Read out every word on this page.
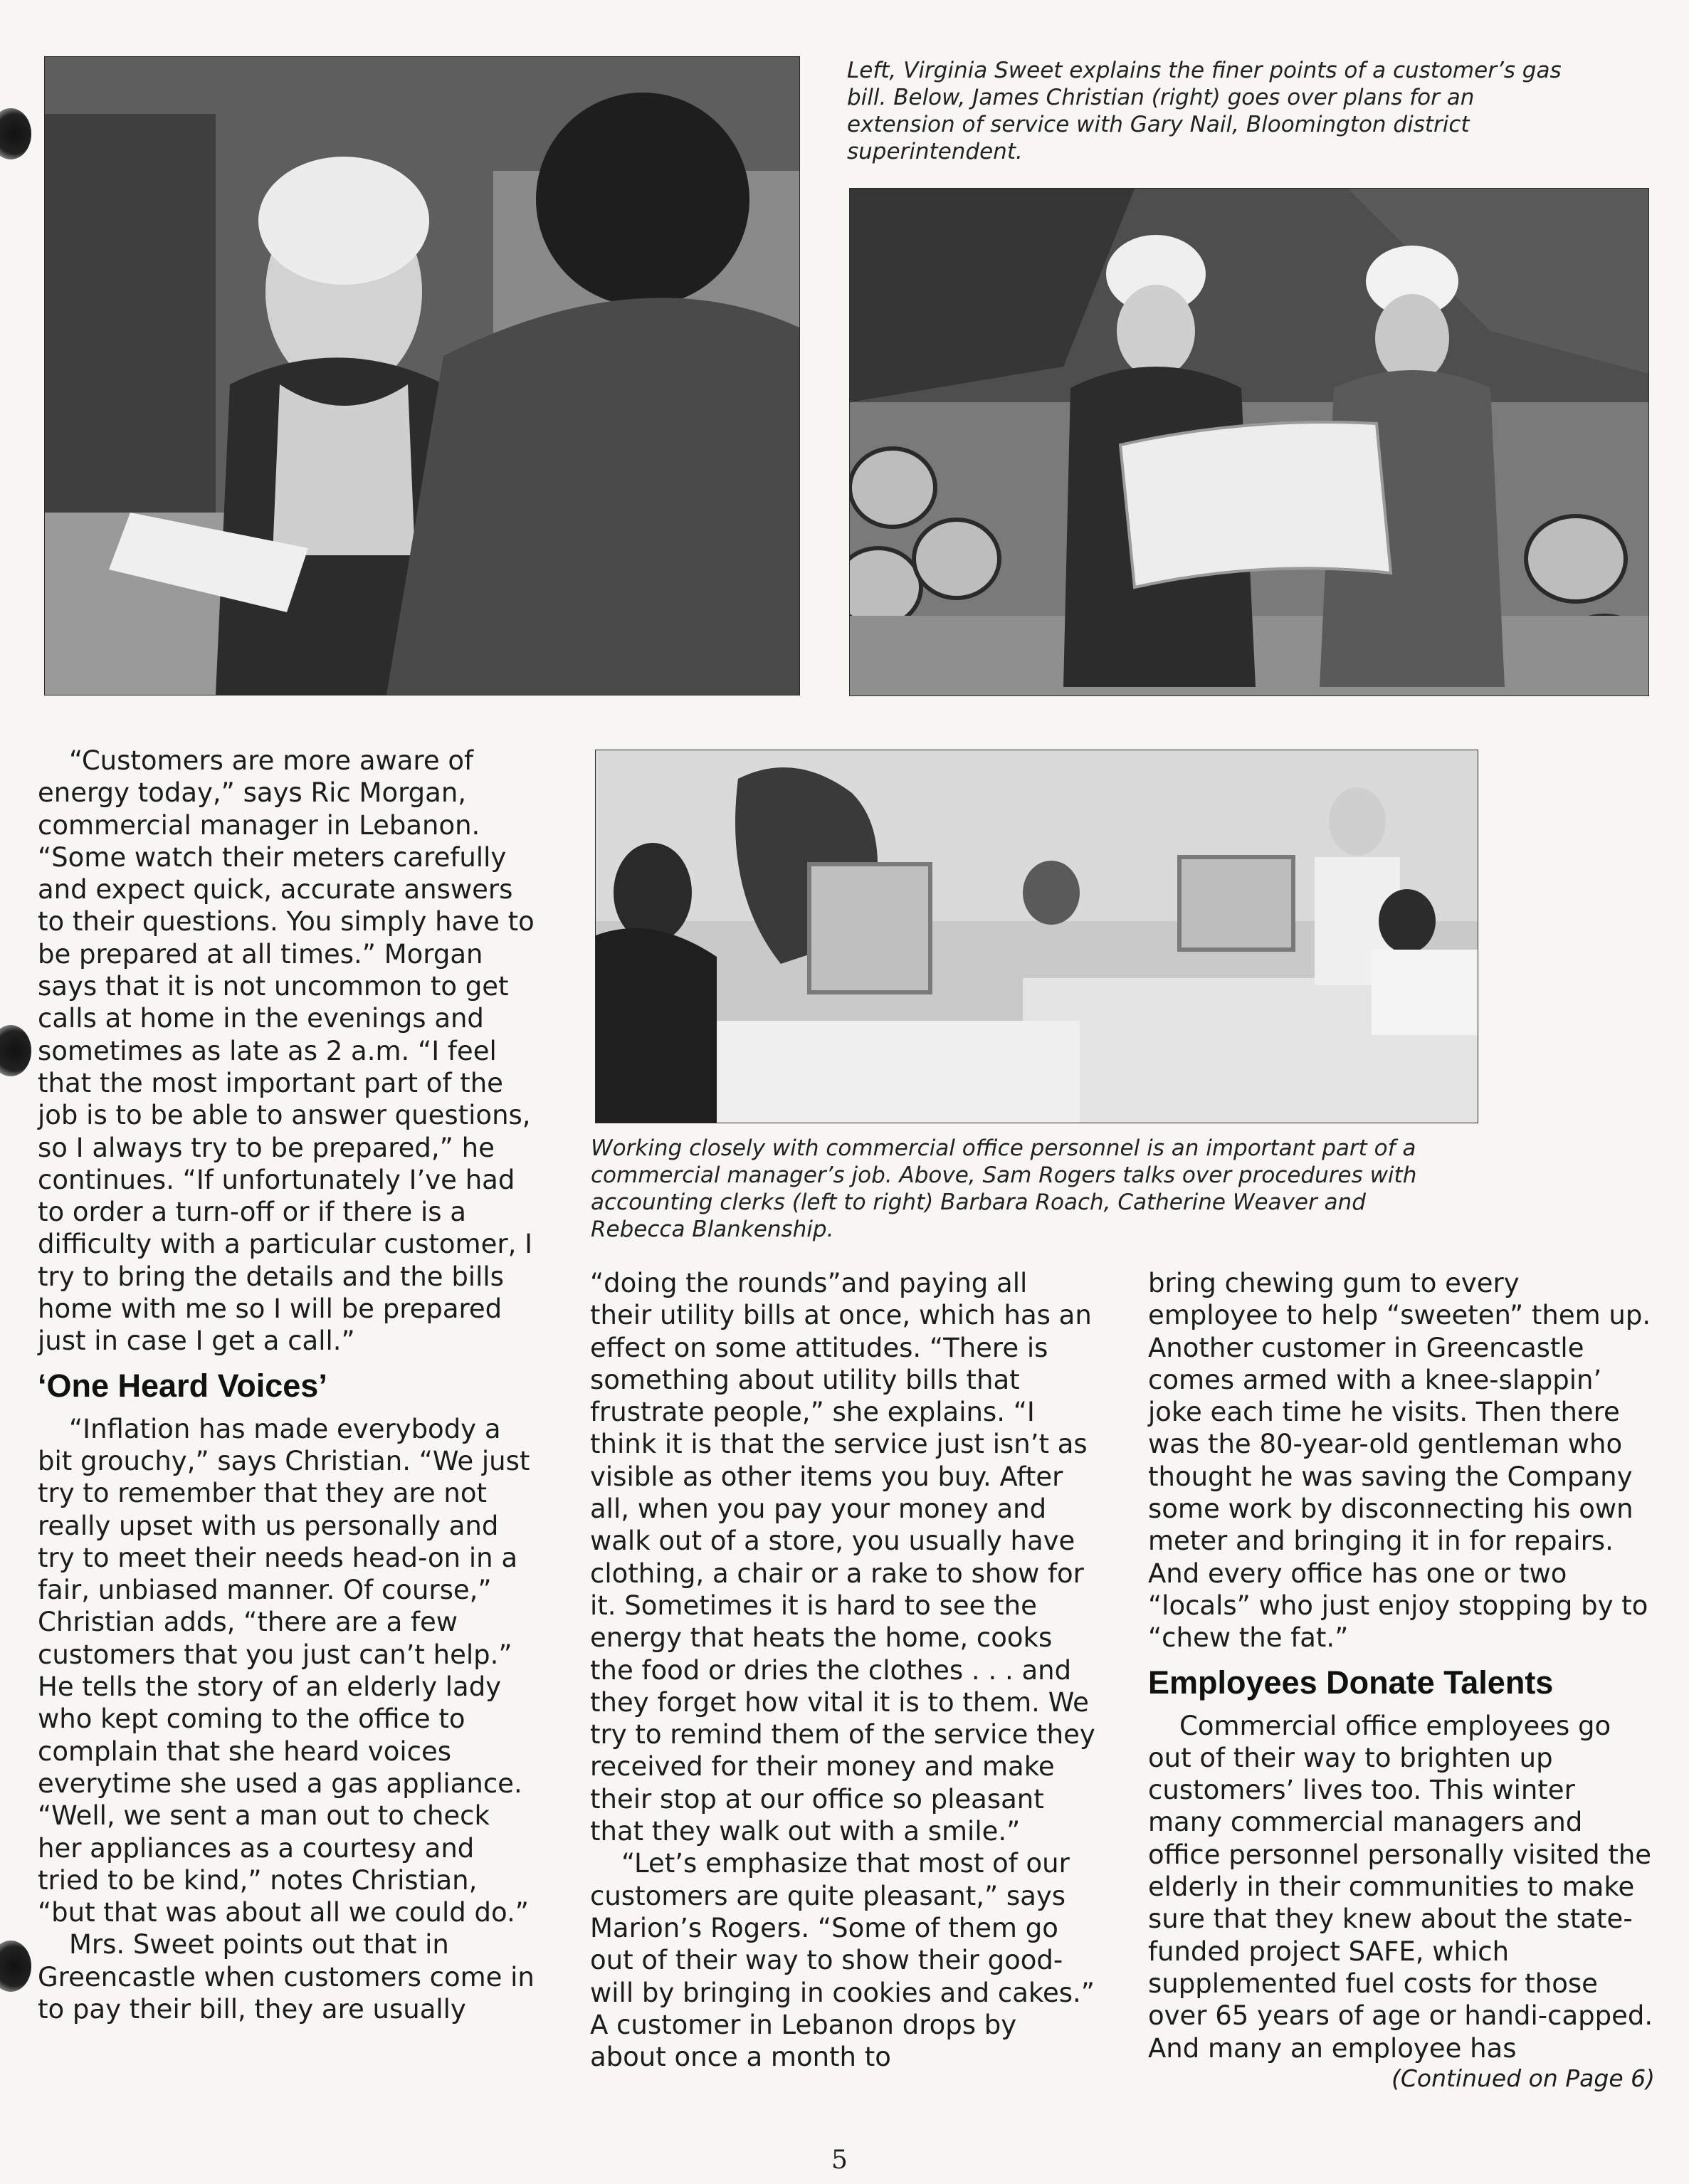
Left, Virginia Sweet explains the finer points of a customer’s gas bill. Below, James Christian (right) goes over plans for an extension of service with Gary Nail, Bloomington district superintendent.

Working closely with commercial office personnel is an important part of a commercial manager’s job. Above, Sam Rogers talks over procedures with accounting clerks (left to right) Barbara Roach, Catherine Weaver and Rebecca Blankenship.

“Customers are more aware of energy today,” says Ric Morgan, commercial manager in Lebanon. “Some watch their meters carefully and expect quick, accurate answers to their questions. You simply have to be prepared at all times.” Morgan says that it is not uncommon to get calls at home in the evenings and sometimes as late as 2 a.m. “I feel that the most important part of the job is to be able to answer questions, so I always try to be prepared,” he continues. “If unfortunately I’ve had to order a turn-off or if there is a difficulty with a particular customer, I try to bring the details and the bills home with me so I will be prepared just in case I get a call.”

‘One Heard Voices’

“Inflation has made everybody a bit grouchy,” says Christian. “We just try to remember that they are not really upset with us personally and try to meet their needs head-on in a fair, unbiased manner. Of course,” Christian adds, “there are a few customers that you just can’t help.” He tells the story of an elderly lady who kept coming to the office to complain that she heard voices everytime she used a gas appliance. “Well, we sent a man out to check her appliances as a courtesy and tried to be kind,” notes Christian, “but that was about all we could do.”

Mrs. Sweet points out that in Greencastle when customers come in to pay their bill, they are usually

“doing the rounds”and paying all their utility bills at once, which has an effect on some attitudes. “There is something about utility bills that frustrate people,” she explains. “I think it is that the service just isn’t as visible as other items you buy. After all, when you pay your money and walk out of a store, you usually have clothing, a chair or a rake to show for it. Sometimes it is hard to see the energy that heats the home, cooks the food or dries the clothes . . . and they forget how vital it is to them. We try to remind them of the service they received for their money and make their stop at our office so pleasant that they walk out with a smile.”

“Let’s emphasize that most of our customers are quite pleasant,” says Marion’s Rogers. “Some of them go out of their way to show their good-will by bringing in cookies and cakes.” A customer in Lebanon drops by about once a month to

bring chewing gum to every employee to help “sweeten” them up. Another customer in Greencastle comes armed with a knee-slappin’ joke each time he visits. Then there was the 80-year-old gentleman who thought he was saving the Company some work by disconnecting his own meter and bringing it in for repairs. And every office has one or two “locals” who just enjoy stopping by to “chew the fat.”

Employees Donate Talents

Commercial office employees go out of their way to brighten up customers’ lives too. This winter many commercial managers and office personnel personally visited the elderly in their communities to make sure that they knew about the state-funded project SAFE, which supplemented fuel costs for those over 65 years of age or handi-capped. And many an employee has

(Continued on Page 6)
5
